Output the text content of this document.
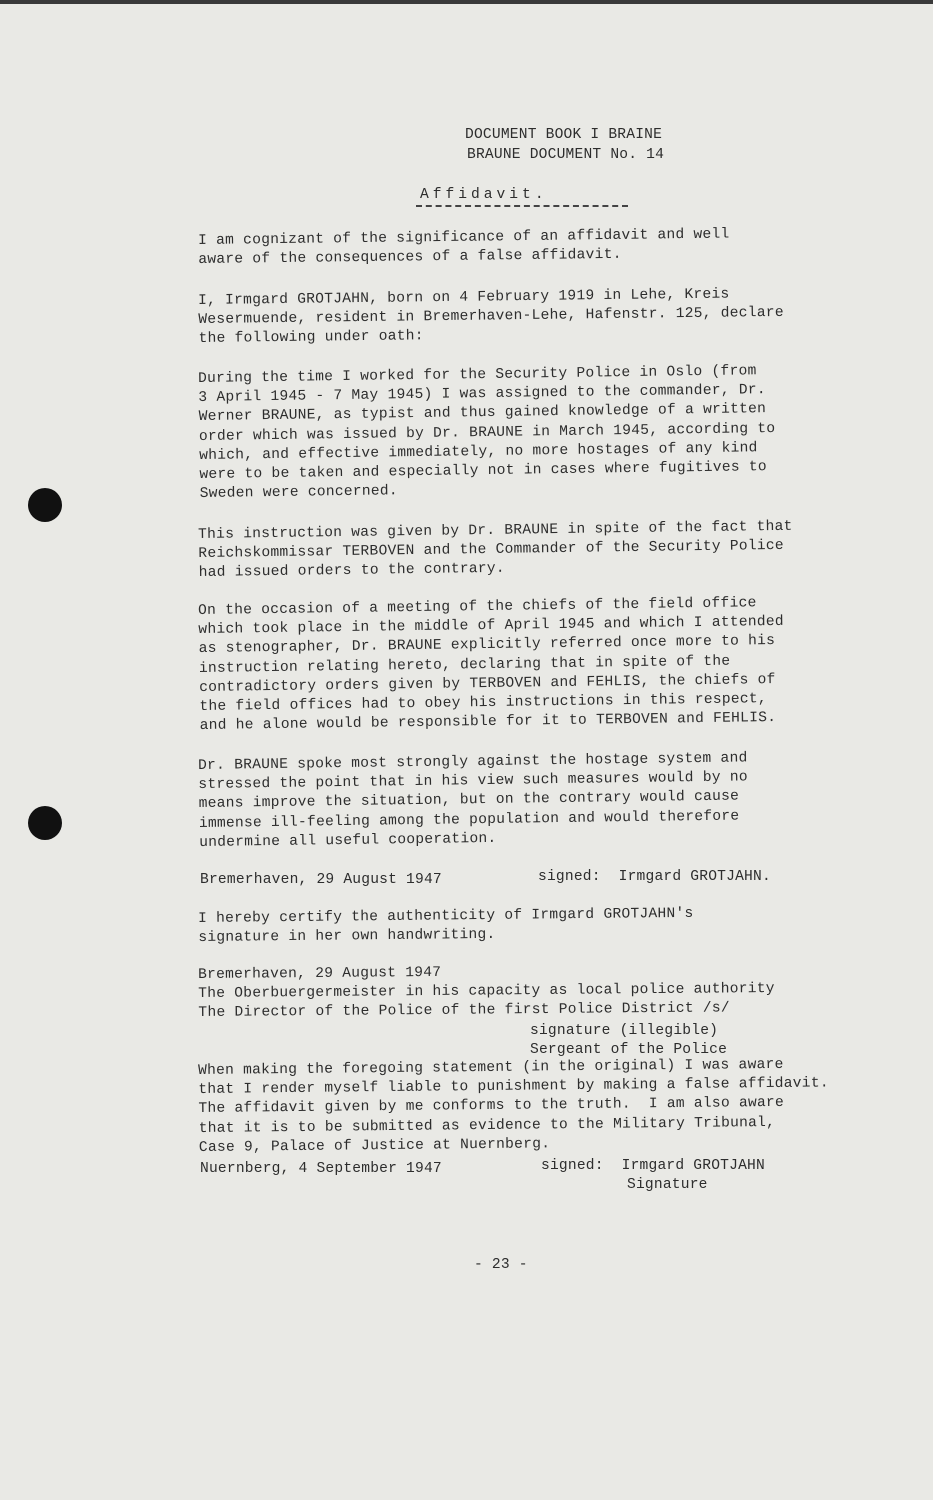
DOCUMENT BOOK I BRAINE
BRAUNE DOCUMENT No. 14
Affidavit.
I am cognizant of the significance of an affidavit and well
aware of the consequences of a false affidavit.
I, Irmgard GROTJAHN, born on 4 February 1919 in Lehe, Kreis
Wesermuende, resident in Bremerhaven-Lehe, Hafenstr. 125, declare
the following under oath:
During the time I worked for the Security Police in Oslo (from
3 April 1945 - 7 May 1945) I was assigned to the commander, Dr.
Werner BRAUNE, as typist and thus gained knowledge of a written
order which was issued by Dr. BRAUNE in March 1945, according to
which, and effective immediately, no more hostages of any kind
were to be taken and especially not in cases where fugitives to
Sweden were concerned.
This instruction was given by Dr. BRAUNE in spite of the fact that
Reichskommissar TERBOVEN and the Commander of the Security Police
had issued orders to the contrary.
On the occasion of a meeting of the chiefs of the field office
which took place in the middle of April 1945 and which I attended
as stenographer, Dr. BRAUNE explicitly referred once more to his
instruction relating hereto, declaring that in spite of the
contradictory orders given by TERBOVEN and FEHLIS, the chiefs of
the field offices had to obey his instructions in this respect,
and he alone would be responsible for it to TERBOVEN and FEHLIS.
Dr. BRAUNE spoke most strongly against the hostage system and
stressed the point that in his view such measures would by no
means improve the situation, but on the contrary would cause
immense ill-feeling among the population and would therefore
undermine all useful cooperation.
Bremerhaven, 29 August 1947	signed:  Irmgard GROTJAHN.
I hereby certify the authenticity of Irmgard GROTJAHN's
signature in her own handwriting.
Bremerhaven, 29 August 1947
The Oberbuergermeister in his capacity as local police authority
The Director of the Police of the first Police District /s/
signature (illegible)
Sergeant of the Police
When making the foregoing statement (in the original) I was aware
that I render myself liable to punishment by making a false affidavit.
The affidavit given by me conforms to the truth.  I am also aware
that it is to be submitted as evidence to the Military Tribunal,
Case 9, Palace of Justice at Nuernberg.
Nuernberg, 4 September 1947	signed:  Irmgard GROTJAHN
Signature
- 23 -
